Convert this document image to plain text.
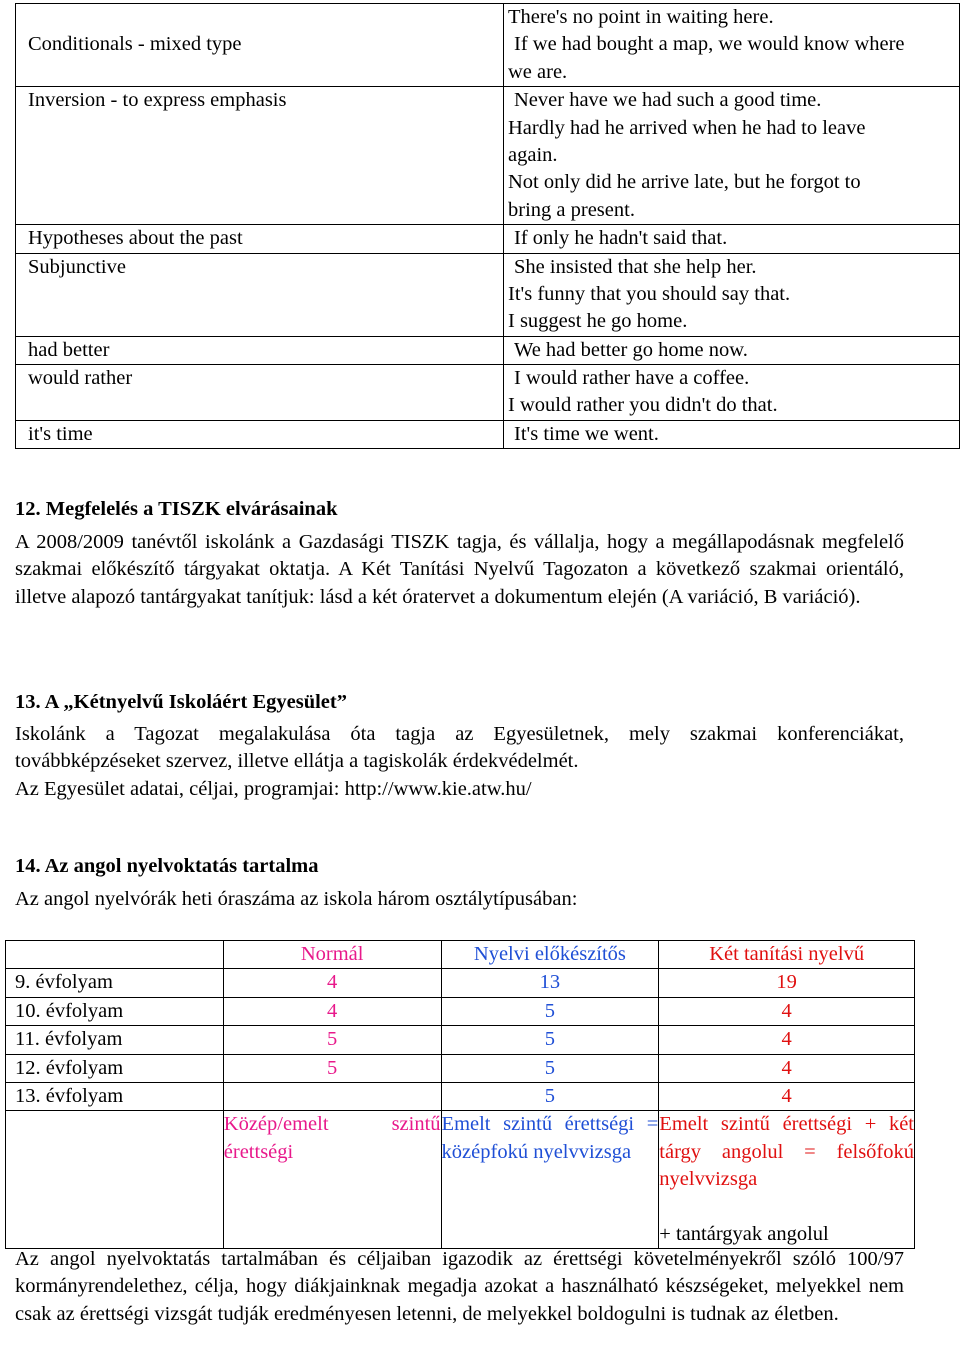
Conditionals - mixed type	There's no point in waiting here.
If we had bought a map, we would know where
we are.

Inversion - to express emphasis	Never have we had such a good time.
Hardly had he arrived when he had to leave
again.
Not only did he arrive late, but he forgot to
bring a present.

Hypotheses about the past	If only he hadn't said that.

Subjunctive	She insisted that she help her.
It's funny that you should say that.
I suggest he go home.

had better	We had better go home now.

would rather	I would rather have a coffee.
I would rather you didn't do that.

it's time	It's time we went.
12. Megfelelés a TISZK elvárásainak
A 2008/2009 tanévtől iskolánk a Gazdasági TISZK tagja, és vállalja, hogy a megállapodásnak megfelelő szakmai előkészítő tárgyakat oktatja. A Két Tanítási Nyelvű Tagozaton a következő szakmai orientáló, illetve alapozó tantárgyakat tanítjuk: lásd a két óratervet a dokumentum elején (A variáció, B variáció).
13. A „Kétnyelvű Iskoláért Egyesület”
Iskolánk a Tagozat megalakulása óta tagja az Egyesületnek, mely szakmai konferenciákat, továbbképzéseket szervez, illetve ellátja a tagiskolák érdekvédelmét.
Az Egyesület adatai, céljai, programjai: http://www.kie.atw.hu/
14. Az angol nyelvoktatás tartalma
Az angol nyelvórák heti óraszáma az iskola három osztálytípusában:
	Normál	Nyelvi előkészítős	Két tanítási nyelvű
9. évfolyam	4	13	19
10. évfolyam	4	5	4
11. évfolyam	5	5	4
12. évfolyam	5	5	4
13. évfolyam		5	4
	Közép/emelt szintű érettségi	Emelt szintű érettségi = középfokú nyelvvizsga	Emelt szintű érettségi + két tárgy angolul = felsőfokú nyelvvizsga
+ tantárgyak angolul
Az angol nyelvoktatás tartalmában és céljaiban igazodik az érettségi követelményekről szóló 100/97 kormányrendelethez, célja, hogy diákjainknak megadja azokat a használható készségeket, melyekkel nem csak az érettségi vizsgát tudják eredményesen letenni, de melyekkel boldogulni is tudnak az életben.
